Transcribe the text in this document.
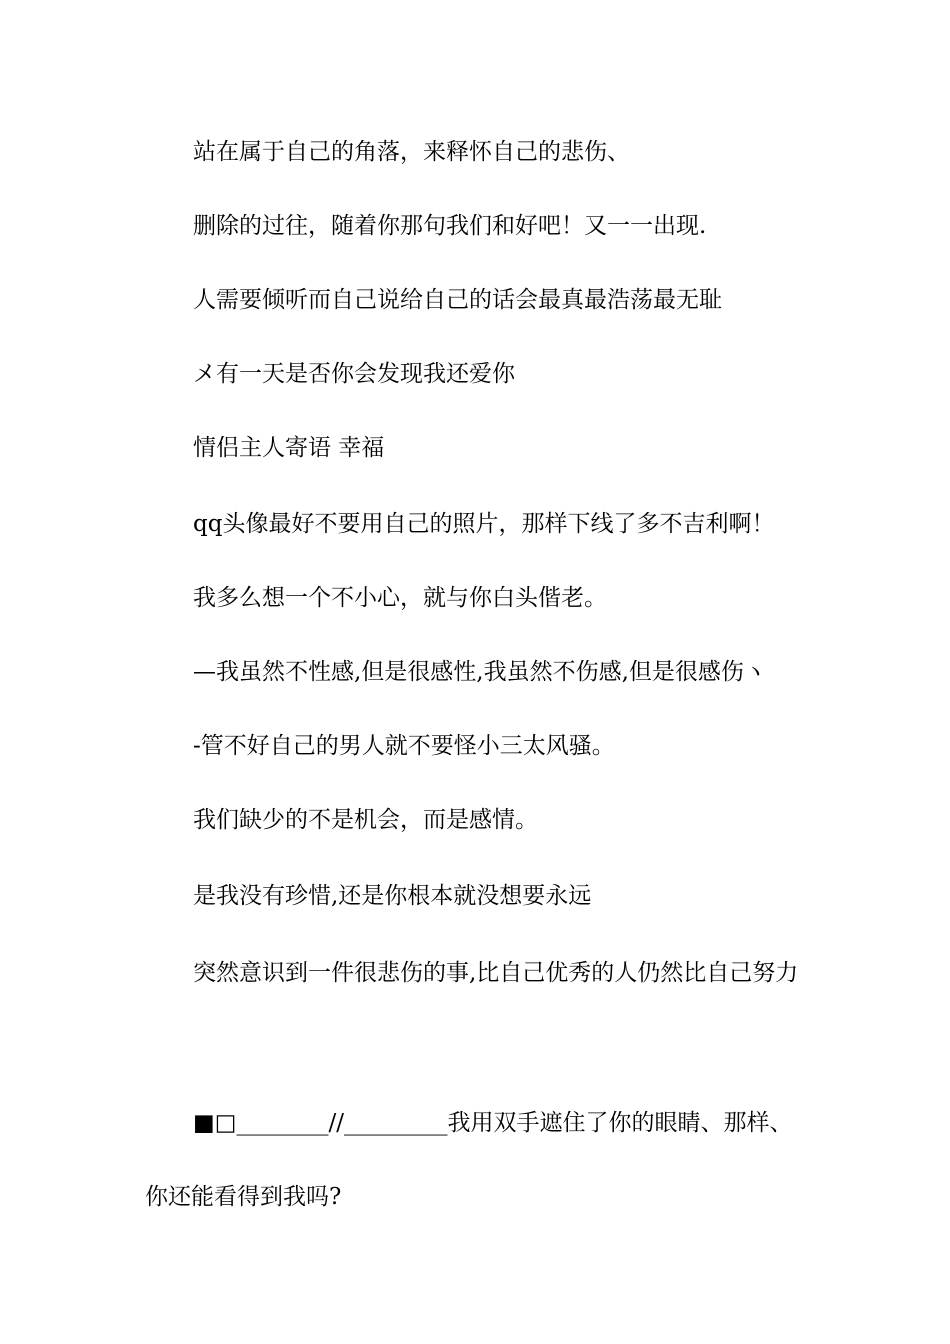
站在属于自己的角落，来释怀自己的悲伤、

删除的过往，随着你那句我们和好吧！又一一出现.

人需要倾听而自己说给自己的话会最真最浩荡最无耻

メ有一天是否你会发现我还爱你

情侣主人寄语 幸福

qq头像最好不要用自己的照片，那样下线了多不吉利啊！

我多么想一个不小心，就与你白头偕老。

—我虽然不性感,但是很感性,我虽然不伤感,但是很感伤ヽ

-管不好自己的男人就不要怪小三太风骚。

我们缺少的不是机会，而是感情。

是我没有珍惜,还是你根本就没想要永远

突然意识到一件很悲伤的事,比自己优秀的人仍然比自己努力

■□________//_________我用双手遮住了你的眼睛、那样、你还能看得到我吗?
